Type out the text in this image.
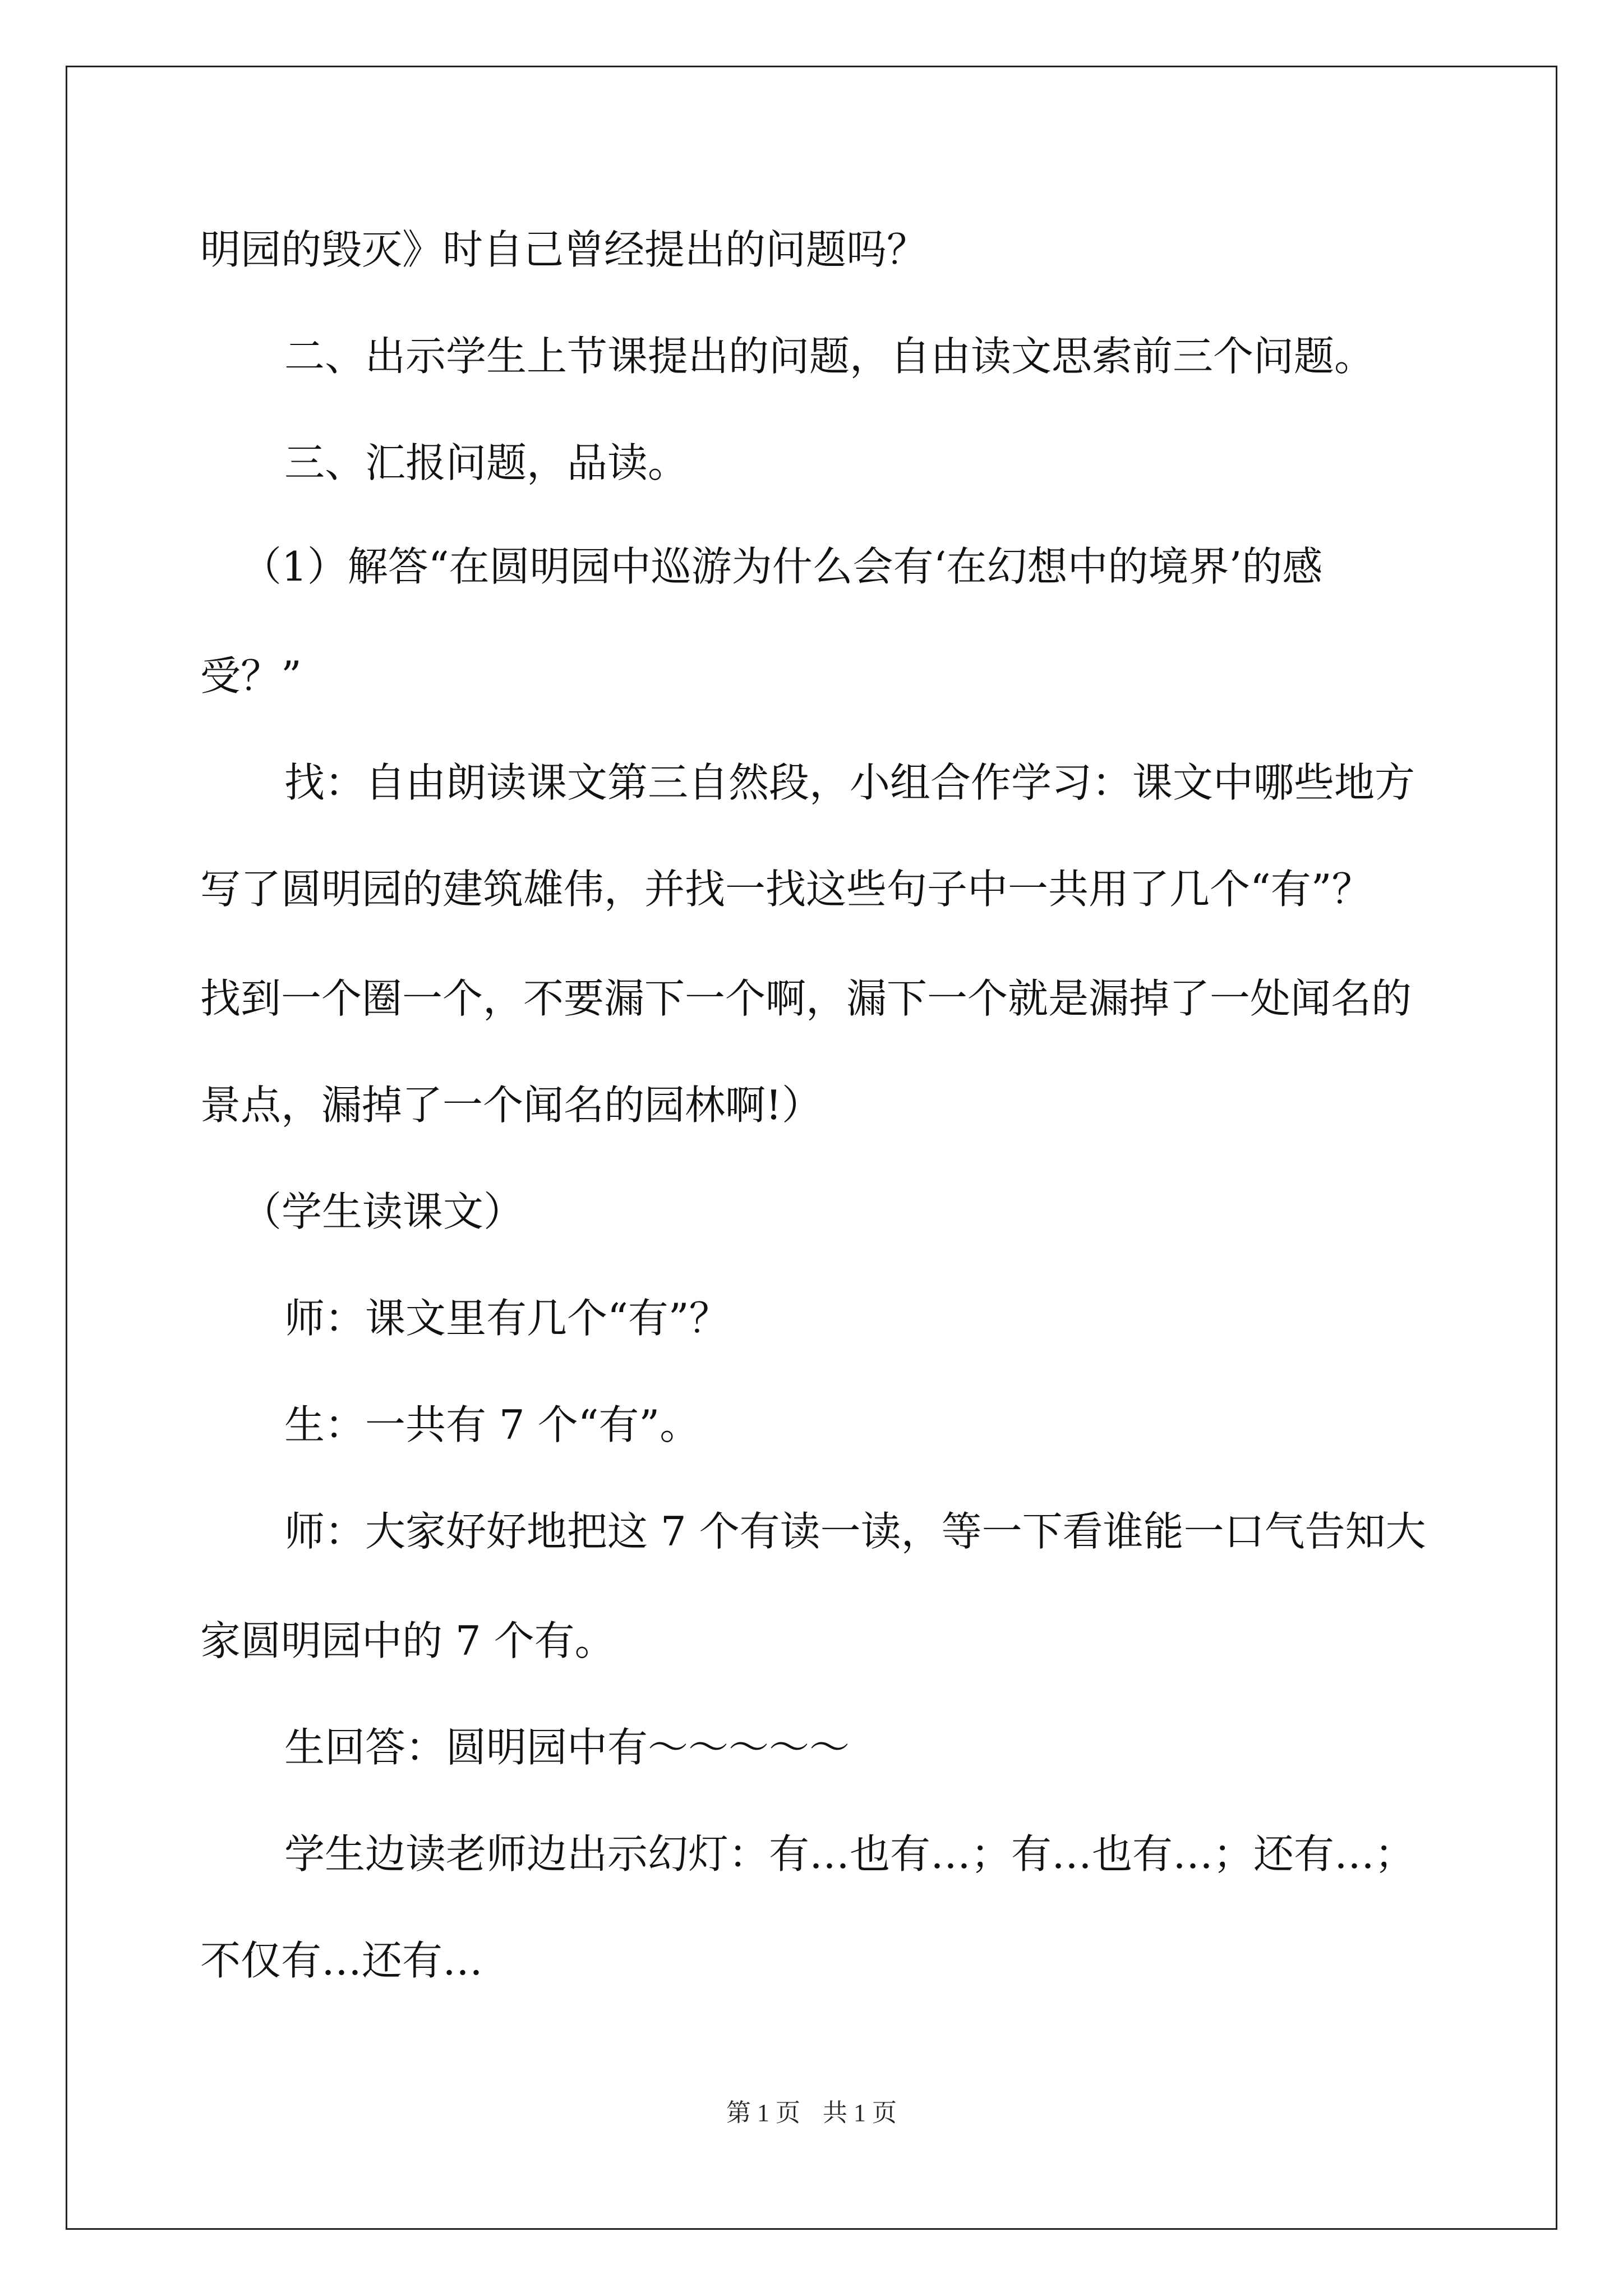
明园的毁灭》时自己曾经提出的问题吗？

二、出示学生上节课提出的问题，自由读文思索前三个问题。

三、汇报问题，品读。

（1）解答“在圆明园中巡游为什么会有‘在幻想中的境界’的感

受？”

找：自由朗读课文第三自然段，小组合作学习：课文中哪些地方

写了圆明园的建筑雄伟，并找一找这些句子中一共用了几个“有”？

找到一个圈一个，不要漏下一个啊，漏下一个就是漏掉了一处闻名的

景点，漏掉了一个闻名的园林啊!）

（学生读课文）

师：课文里有几个“有”？

生：一共有 7 个“有”。

师：大家好好地把这 7 个有读一读，等一下看谁能一口气告知大

家圆明园中的 7 个有。

生回答：圆明园中有～～～～～

学生边读老师边出示幻灯：有…也有…；有…也有…；还有…；

不仅有…还有…

第 1 页 共 1 页
